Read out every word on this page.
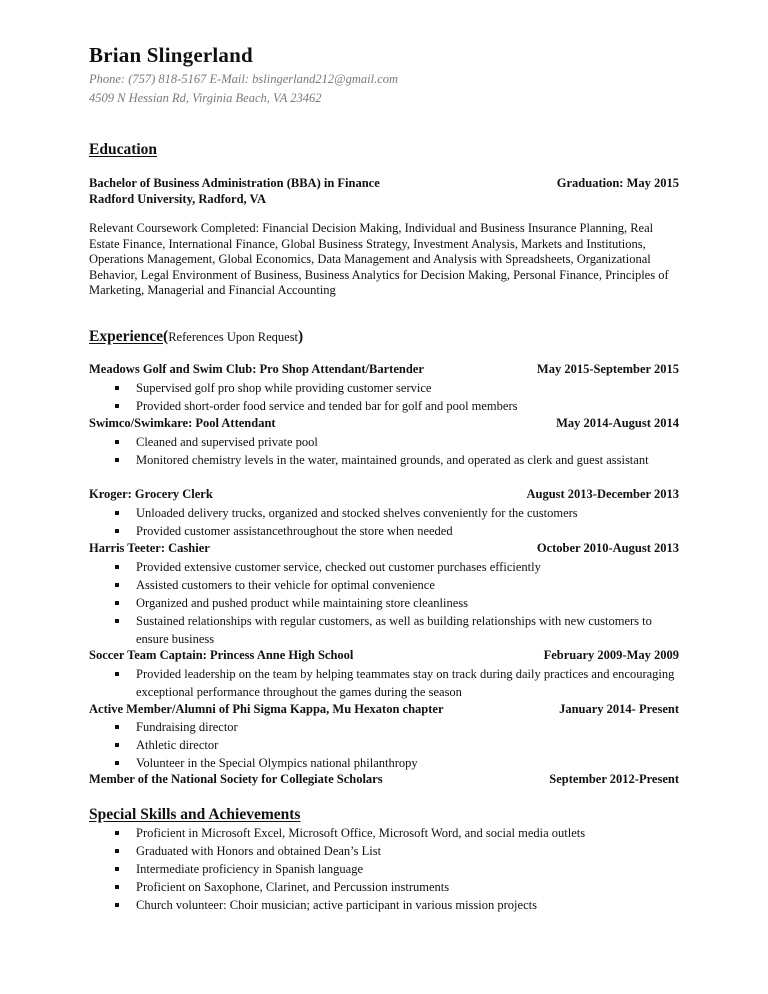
Brian Slingerland
Phone: (757) 818-5167 E-Mail: bslingerland212@gmail.com
4509 N Hessian Rd, Virginia Beach, VA 23462
Education
Bachelor of Business Administration (BBA) in Finance	Graduation: May 2015
Radford University, Radford, VA
Relevant Coursework Completed: Financial Decision Making, Individual and Business Insurance Planning, Real Estate Finance, International Finance, Global Business Strategy, Investment Analysis, Markets and Institutions, Operations Management, Global Economics, Data Management and Analysis with Spreadsheets, Organizational Behavior, Legal Environment of Business, Business Analytics for Decision Making, Personal Finance, Principles of Marketing, Managerial and Financial Accounting
Experience(References Upon Request)
Meadows Golf and Swim Club: Pro Shop Attendant/Bartender	May 2015-September 2015
Supervised golf pro shop while providing customer service
Provided short-order food service and tended bar for golf and pool members
Swimco/Swimkare: Pool Attendant	May 2014-August 2014
Cleaned and supervised private pool
Monitored chemistry levels in the water, maintained grounds, and operated as clerk and guest assistant
Kroger: Grocery Clerk	August 2013-December 2013
Unloaded delivery trucks, organized and stocked shelves conveniently for the customers
Provided customer assistancethroughout the store when needed
Harris Teeter: Cashier	October 2010-August 2013
Provided extensive customer service, checked out customer purchases efficiently
Assisted customers to their vehicle for optimal convenience
Organized and pushed product while maintaining store cleanliness
Sustained relationships with regular customers, as well as building relationships with new customers to ensure business
Soccer Team Captain: Princess Anne High School	February 2009-May 2009
Provided leadership on the team by helping teammates stay on track during daily practices and encouraging exceptional performance throughout the games during the season
Active Member/Alumni of Phi Sigma Kappa, Mu Hexaton chapter	January 2014- Present
Fundraising director
Athletic director
Volunteer in the Special Olympics national philanthropy
Member of the National Society for Collegiate Scholars	September 2012-Present
Special Skills and Achievements
Proficient in Microsoft Excel, Microsoft Office, Microsoft Word, and social media outlets
Graduated with Honors and obtained Dean’s List
Intermediate proficiency in Spanish language
Proficient on Saxophone, Clarinet, and Percussion instruments
Church volunteer: Choir musician; active participant in various mission projects
